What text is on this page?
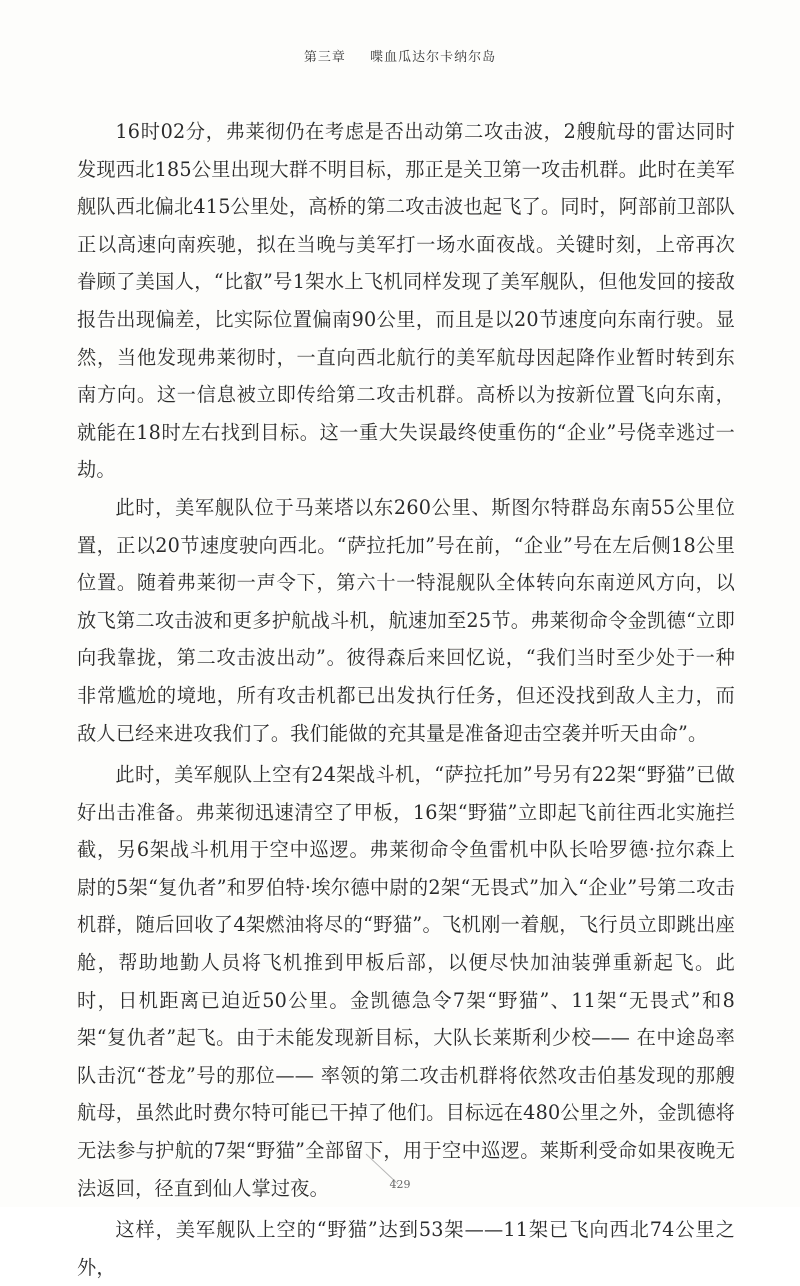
第三章 喋血瓜达尔卡纳尔岛

16时02分，弗莱彻仍在考虑是否出动第二攻击波，2艘航母的雷达同时发现西北185公里出现大群不明目标，那正是关卫第一攻击机群。此时在美军舰队西北偏北415公里处，高桥的第二攻击波也起飞了。同时，阿部前卫部队正以高速向南疾驰，拟在当晚与美军打一场水面夜战。关键时刻，上帝再次眷顾了美国人，“比叡”号1架水上飞机同样发现了美军舰队，但他发回的接敌报告出现偏差，比实际位置偏南90公里，而且是以20节速度向东南行驶。显然，当他发现弗莱彻时，一直向西北航行的美军航母因起降作业暂时转到东南方向。这一信息被立即传给第二攻击机群。高桥以为按新位置飞向东南，就能在18时左右找到目标。这一重大失误最终使重伤的“企业”号侥幸逃过一劫。

此时，美军舰队位于马莱塔以东260公里、斯图尔特群岛东南55公里位置，正以20节速度驶向西北。“萨拉托加”号在前，“企业”号在左后侧18公里位置。随着弗莱彻一声令下，第六十一特混舰队全体转向东南逆风方向，以放飞第二攻击波和更多护航战斗机，航速加至25节。弗莱彻命令金凯德“立即向我靠拢，第二攻击波出动”。彼得森后来回忆说，“我们当时至少处于一种非常尴尬的境地，所有攻击机都已出发执行任务，但还没找到敌人主力，而敌人已经来进攻我们了。我们能做的充其量是准备迎击空袭并听天由命”。

此时，美军舰队上空有24架战斗机，“萨拉托加”号另有22架“野猫”已做好出击准备。弗莱彻迅速清空了甲板，16架“野猫”立即起飞前往西北实施拦截，另6架战斗机用于空中巡逻。弗莱彻命令鱼雷机中队长哈罗德·拉尔森上尉的5架“复仇者”和罗伯特·埃尔德中尉的2架“无畏式”加入“企业”号第二攻击机群，随后回收了4架燃油将尽的“野猫”。飞机刚一着舰，飞行员立即跳出座舱，帮助地勤人员将飞机推到甲板后部，以便尽快加油装弹重新起飞。此时，日机距离已迫近50公里。金凯德急令7架“野猫”、11架“无畏式”和8架“复仇者”起飞。由于未能发现新目标，大队长莱斯利少校—— 在中途岛率队击沉“苍龙”号的那位—— 率领的第二攻击机群将依然攻击伯基发现的那艘航母，虽然此时费尔特可能已干掉了他们。目标远在480公里之外，金凯德将无法参与护航的7架“野猫”全部留下，用于空中巡逻。莱斯利受命如果夜晚无法返回，径直到仙人掌过夜。

这样，美军舰队上空的“野猫”达到53架——11架已飞向西北74公里之外，

429
